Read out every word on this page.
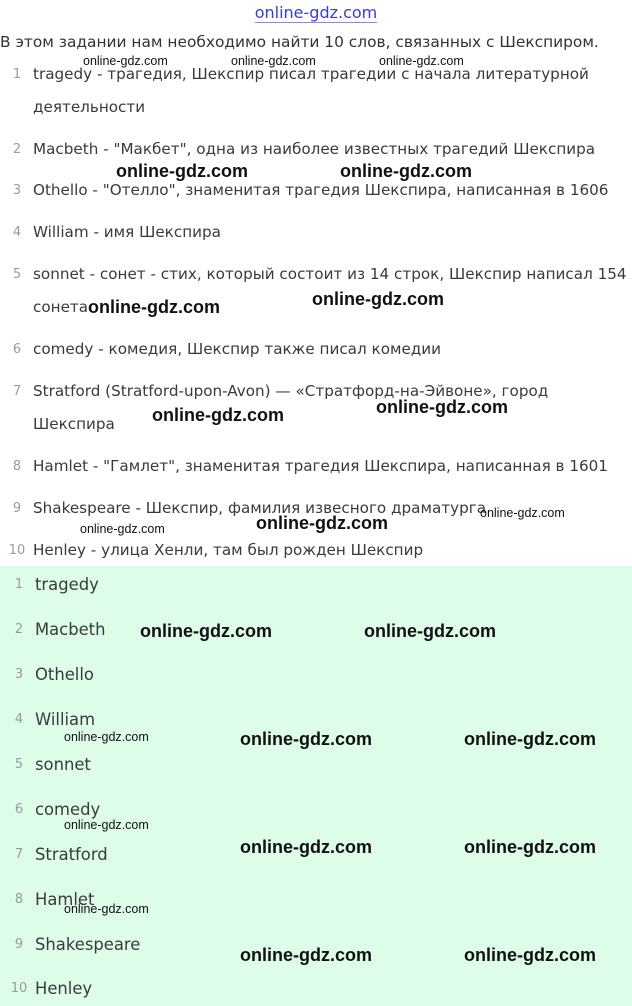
online-gdz.com
В этом задании нам необходимо найти 10 слов, связанных с Шекспиром.
1 tragedy - трагедия, Шекспир писал трагедии с начала литературной
деятельности
2 Macbeth - "Макбет", одна из наиболее известных трагедий Шекспира
3 Othello - "Отелло", знаменитая трагедия Шекспира, написанная в 1606
4 William - имя Шекспира
5 sonnet - сонет - стих, который состоит из 14 строк, Шекспир написал 154
сонета
6 comedy - комедия, Шекспир также писал комедии
7 Stratford (Stratford-upon-Avon) — «Стратфорд-на-Эйвоне», город
Шекспира
8 Hamlet - "Гамлет", знаменитая трагедия Шекспира, написанная в 1601
9 Shakespeare - Шекспир, фамилия извесного драматурга
10 Henley - улица Хенли, там был рожден Шекспир
1 tragedy
2 Macbeth
3 Othello
4 William
5 sonnet
6 comedy
7 Stratford
8 Hamlet
9 Shakespeare
10 Henley
online-gdz.com	online-gdz.com	online-gdz.com
online-gdz.com	online-gdz.com
online-gdz.com	online-gdz.com
online-gdz.com	online-gdz.com
online-gdz.com
online-gdz.com	online-gdz.com
online-gdz.com	online-gdz.com
online-gdz.com	online-gdz.com	online-gdz.com
online-gdz.com
online-gdz.com	online-gdz.com
online-gdz.com
online-gdz.com	online-gdz.com
